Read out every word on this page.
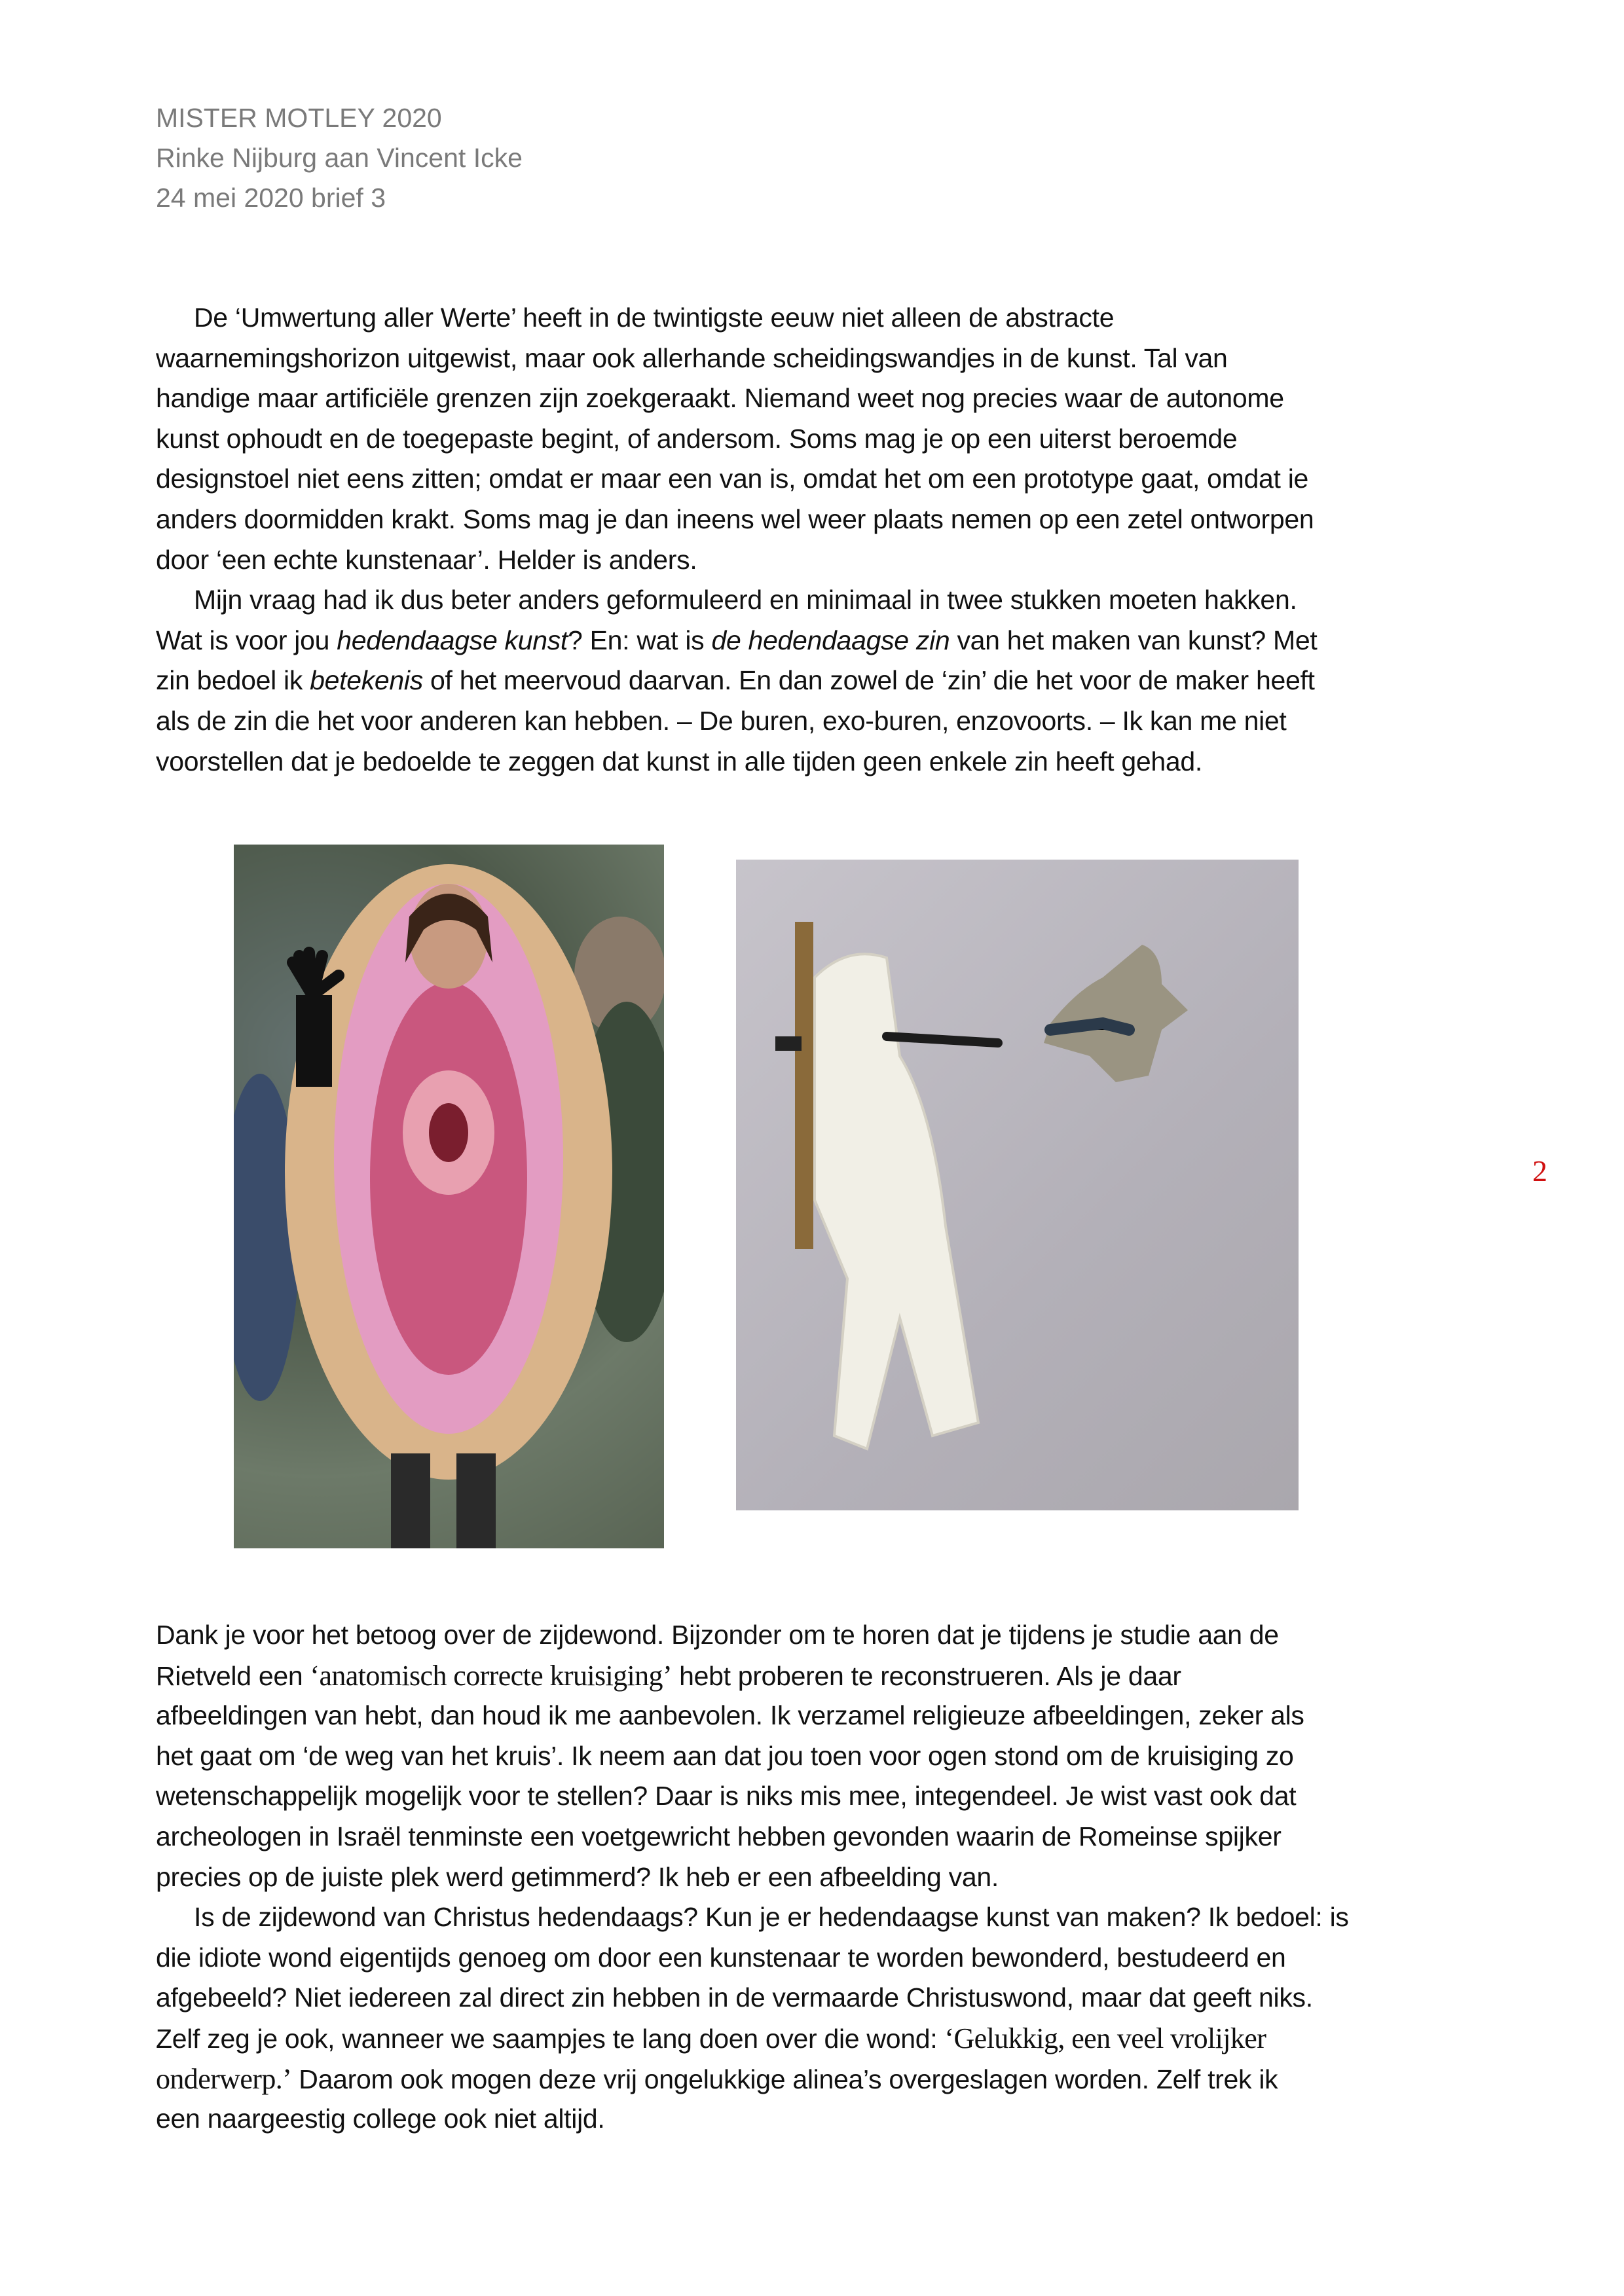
MISTER MOTLEY 2020
Rinke Nijburg aan Vincent Icke
24 mei 2020 brief 3
De ‘Umwertung aller Werte’ heeft in de twintigste eeuw niet alleen de abstracte
waarnemingshorizon uitgewist, maar ook allerhande scheidingswandjes in de kunst. Tal van
handige maar artificiële grenzen zijn zoekgeraakt. Niemand weet nog precies waar de autonome
kunst ophoudt en de toegepaste begint, of andersom. Soms mag je op een uiterst beroemde
designstoel niet eens zitten; omdat er maar een van is, omdat het om een prototype gaat, omdat ie
anders doormidden krakt. Soms mag je dan ineens wel weer plaats nemen op een zetel ontworpen
door ‘een echte kunstenaar’. Helder is anders.
Mijn vraag had ik dus beter anders geformuleerd en minimaal in twee stukken moeten hakken.
Wat is voor jou hedendaagse kunst? En: wat is de hedendaagse zin van het maken van kunst? Met
zin bedoel ik betekenis of het meervoud daarvan. En dan zowel de ‘zin’ die het voor de maker heeft
als de zin die het voor anderen kan hebben. – De buren, exo-buren, enzovoorts. – Ik kan me niet
voorstellen dat je bedoelde te zeggen dat kunst in alle tijden geen enkele zin heeft gehad.
2
Dank je voor het betoog over de zijdewond. Bijzonder om te horen dat je tijdens je studie aan de
Rietveld een ‘anatomisch correcte kruisiging’ hebt proberen te reconstrueren. Als je daar
afbeeldingen van hebt, dan houd ik me aanbevolen. Ik verzamel religieuze afbeeldingen, zeker als
het gaat om ‘de weg van het kruis’. Ik neem aan dat jou toen voor ogen stond om de kruisiging zo
wetenschappelijk mogelijk voor te stellen? Daar is niks mis mee, integendeel. Je wist vast ook dat
archeologen in Israël tenminste een voetgewricht hebben gevonden waarin de Romeinse spijker
precies op de juiste plek werd getimmerd? Ik heb er een afbeelding van.
Is de zijdewond van Christus hedendaags? Kun je er hedendaagse kunst van maken? Ik bedoel: is
die idiote wond eigentijds genoeg om door een kunstenaar te worden bewonderd, bestudeerd en
afgebeeld? Niet iedereen zal direct zin hebben in de vermaarde Christuswond, maar dat geeft niks.
Zelf zeg je ook, wanneer we saampjes te lang doen over die wond: ‘Gelukkig, een veel vrolijker
onderwerp.’ Daarom ook mogen deze vrij ongelukkige alinea’s overgeslagen worden. Zelf trek ik
een naargeestig college ook niet altijd.
